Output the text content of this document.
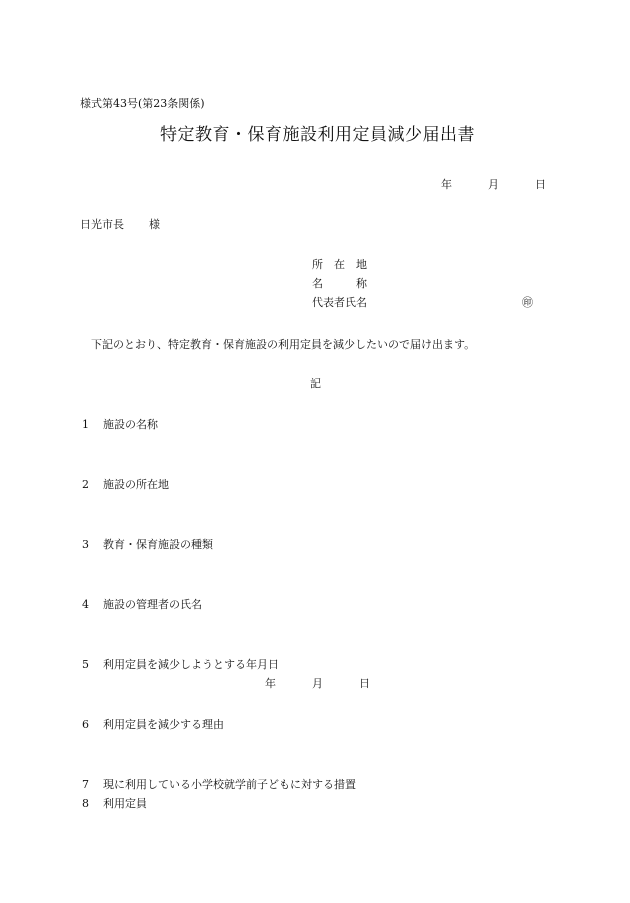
様式第43号(第23条関係)
特定教育・保育施設利用定員減少届出書
年	月	日
日光市長 様
所　在　地
名　　　称
代表者氏名	㊞
下記のとおり、特定教育・保育施設の利用定員を減少したいので届け出ます。
記
1 施設の名称
2 施設の所在地
3 教育・保育施設の種類
4 施設の管理者の氏名
5 利用定員を減少しようとする年月日
年	月	日
6 利用定員を減少する理由
7 現に利用している小学校就学前子どもに対する措置
8 利用定員
